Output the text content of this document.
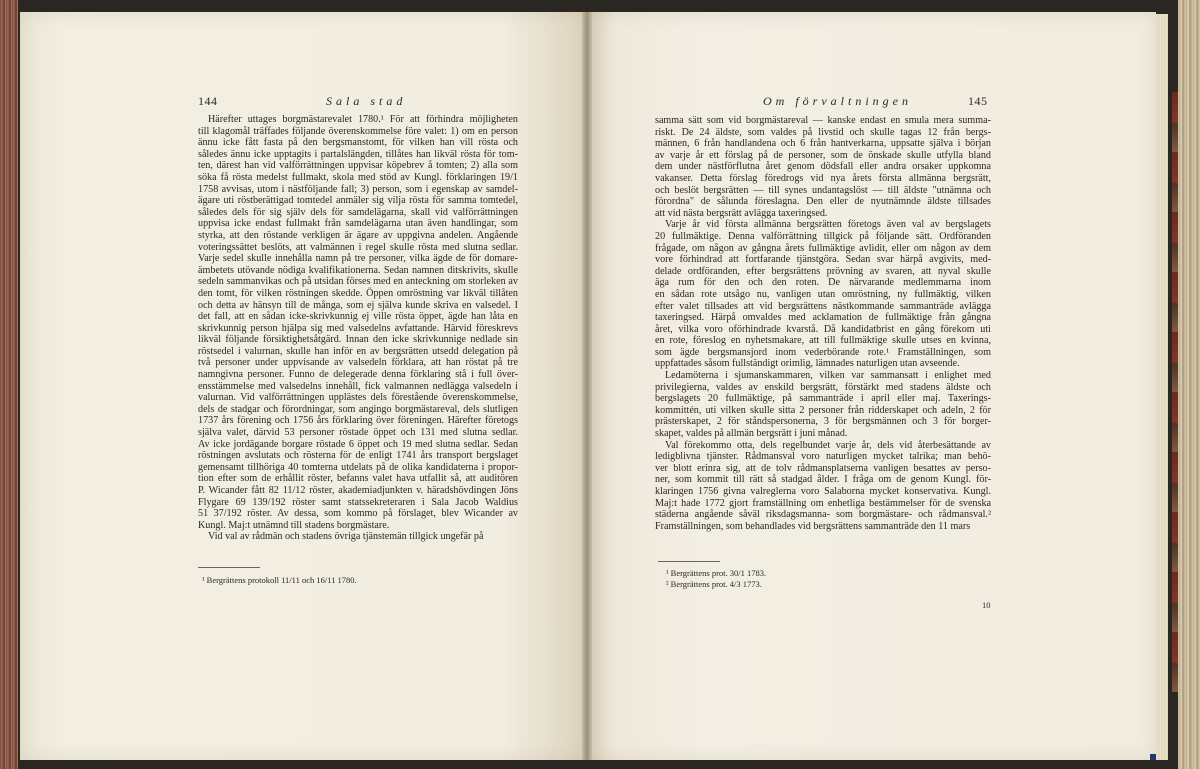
144	Sala stad
Härefter uttages borgmästarevalet 1780.¹ För att förhindra möjligheten
till klagomål träffades följande överenskommelse före valet: 1) om en person
ännu icke fått fasta på den bergsmanstomt, för vilken han vill rösta och
således ännu icke upptagits i partalslängden, tillåtes han likväl rösta för tom-
ten, därest han vid valförrättningen uppvisar köpebrev å tomten; 2) alla som
söka få rösta medelst fullmakt, skola med stöd av Kungl. förklaringen 19/1
1758 avvisas, utom i nästföljande fall; 3) person, som i egenskap av samdel-
ägare uti röstberättigad tomtedel anmäler sig vilja rösta för samma tomtedel,
således dels för sig själv dels för samdelägarna, skall vid valförrättningen
uppvisa icke endast fullmakt från samdelägarna utan även handlingar, som
styrka, att den röstande verkligen är ägare av uppgivna andelen. Angående
voteringssättet beslöts, att valmännen i regel skulle rösta med slutna sedlar.
Varje sedel skulle innehålla namn på tre personer, vilka ägde de för domare-
ämbetets utövande nödiga kvalifikationerna. Sedan namnen ditskrivits, skulle
sedeln sammanvikas och på utsidan förses med en anteckning om storleken av
den tomt, för vilken röstningen skedde. Öppen omröstning var likväl tillåten
och detta av hänsyn till de många, som ej själva kunde skriva en valsedel. I
det fall, att en sådan icke-skrivkunnig ej ville rösta öppet, ägde han låta en
skrivkunnig person hjälpa sig med valsedelns avfattande. Härvid föreskrevs
likväl följande försiktighetsåtgärd. Innan den icke skrivkunnige nedlade sin
röstsedel i valurnan, skulle han inför en av bergsrätten utsedd delegation på
två personer under uppvisande av valsedeln förklara, att han röstat på tre
namngivna personer. Funno de delegerade denna förklaring stå i full över-
ensstämmelse med valsedelns innehåll, fick valmannen nedlägga valsedeln i
valurnan. Vid valförrättningen upplästes dels förestående överenskommelse,
dels de stadgar och förordningar, som angingo borgmästareval, dels slutligen
1737 års förening och 1756 års förklaring över föreningen. Härefter företogs
själva valet, därvid 53 personer röstade öppet och 131 med slutna sedlar.
Av icke jordägande borgare röstade 6 öppet och 19 med slutna sedlar. Sedan
röstningen avslutats och rösterna för de enligt 1741 års transport bergslaget
gemensamt tillhöriga 40 tomterna utdelats på de olika kandidaterna i propor-
tion efter som de erhållit röster, befanns valet hava utfallit så, att auditören
P. Wicander fått 82 11/12 röster, akademiadjunkten v. häradshövdingen Jöns
Flygare 69 139/192 röster samt statssekreteraren i Sala Jacob Waldius
51 37/192 röster. Av dessa, som kommo på förslaget, blev Wicander av
Kungl. Maj:t utnämnd till stadens borgmästare.
Vid val av rådmän och stadens övriga tjänstemän tillgick ungefär på
¹ Bergrättens protokoll 11/11 och 16/11 1780.
Om förvaltningen	145
samma sätt som vid borgmästareval — kanske endast en smula mera summa-
riskt. De 24 äldste, som valdes på livstid och skulle tagas 12 från bergs-
männen, 6 från handlandena och 6 från hantverkarna, uppsatte själva i början
av varje år ett förslag på de personer, som de önskade skulle utfylla bland
dem under nästförflutna året genom dödsfall eller andra orsaker uppkomna
vakanser. Detta förslag föredrogs vid nya årets första allmänna bergsrätt,
och beslöt bergsrätten — till synes undantagslöst — till äldste "utnämna och
förordna" de sålunda föreslagna. Den eller de nyutnämnde äldste tillsades
att vid nästa bergsrätt avlägga taxeringsed.
Varje år vid första allmänna bergsrätten företogs även val av bergslagets
20 fullmäktige. Denna valförrättning tillgick på följande sätt. Ordföranden
frågade, om någon av gångna årets fullmäktige avlidit, eller om någon av dem
vore förhindrad att fortfarande tjänstgöra. Sedan svar härpå avgivits, med-
delade ordföranden, efter bergsrättens prövning av svaren, att nyval skulle
äga rum för den och den roten. De närvarande medlemmarna inom
en sådan rote utsågo nu, vanligen utan omröstning, ny fullmäktig, vilken
efter valet tillsades att vid bergsrättens nästkommande sammanträde avlägga
taxeringsed. Härpå omvaldes med acklamation de fullmäktige från gångna
året, vilka voro oförhindrade kvarstå. Då kandidatbrist en gång förekom uti
en rote, föreslog en nyhetsmakare, att till fullmäktige skulle utses en kvinna,
som ägde bergsmansjord inom vederbörande rote.¹ Framställningen, som
uppfattades såsom fullständigt orimlig, lämnades naturligen utan avseende.
Ledamöterna i sjumanskammaren, vilken var sammansatt i enlighet med
privilegierna, valdes av enskild bergsrätt, förstärkt med stadens äldste och
bergslagets 20 fullmäktige, på sammanträde i april eller maj. Taxerings-
kommittén, uti vilken skulle sitta 2 personer från ridderskapet och adeln, 2 för
prästerskapet, 2 för ståndspersonerna, 3 för bergsmännen och 3 för borger-
skapet, valdes på allmän bergsrätt i juni månad.
Val förekommo otta, dels regelbundet varje år, dels vid återbesättande av
ledigblivna tjänster. Rådmansval voro naturligen mycket talrika; man behö-
ver blott erinra sig, att de tolv rådmansplatserna vanligen besattes av perso-
ner, som kommit till rätt så stadgad ålder. I fråga om de genom Kungl. för-
klaringen 1756 givna valreglerna voro Salaborna mycket konservativa. Kungl.
Maj:t hade 1772 gjort framställning om enhetliga bestämmelser för de svenska
städerna angående såväl riksdagsmanna- som borgmästare- och rådmansval.²
Framställningen, som behandlades vid bergsrättens sammanträde den 11 mars
¹ Bergrättens prot. 30/1 1783.
² Bergrättens prot. 4/3 1773.
10
